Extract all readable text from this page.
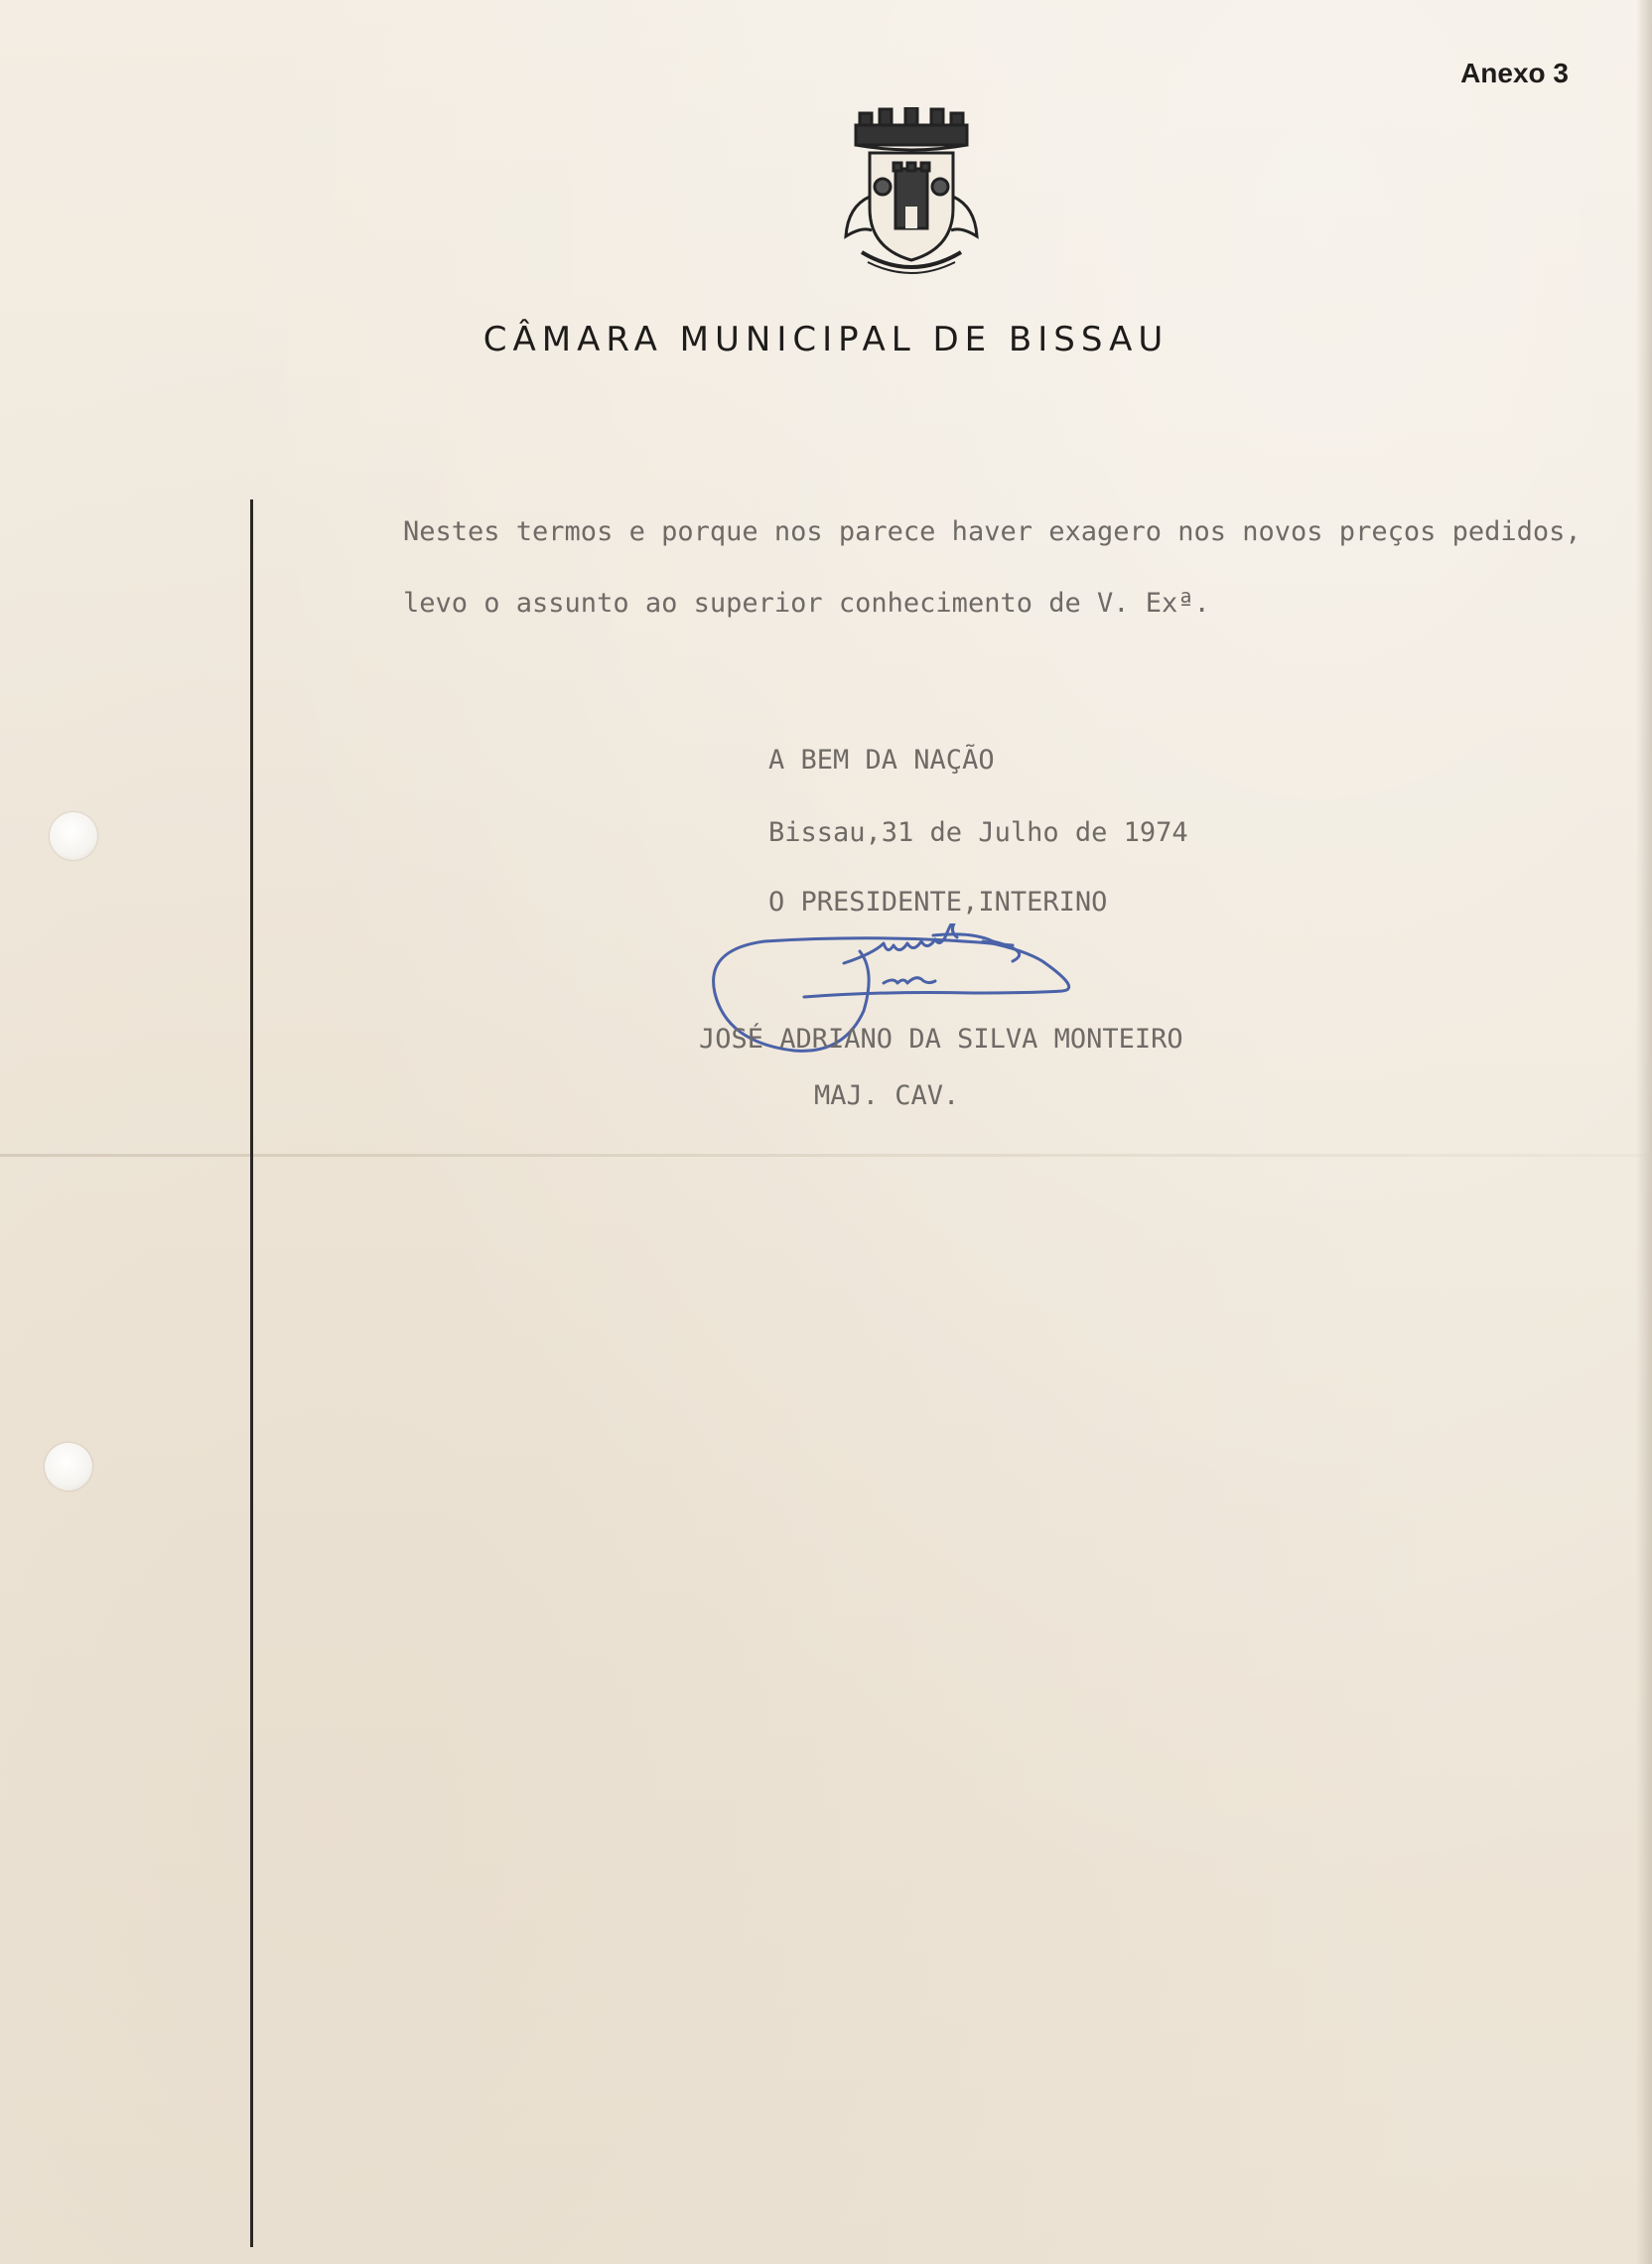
Anexo 3
CÂMARA MUNICIPAL DE BISSAU
Nestes termos e porque nos parece haver exagero nos novos preços pedidos,
levo o assunto ao superior conhecimento de V. Exª.
A BEM DA NAÇÃO
Bissau,31 de Julho de 1974
O PRESIDENTE,INTERINO
JOSÉ ADRIANO DA SILVA MONTEIRO
MAJ. CAV.
